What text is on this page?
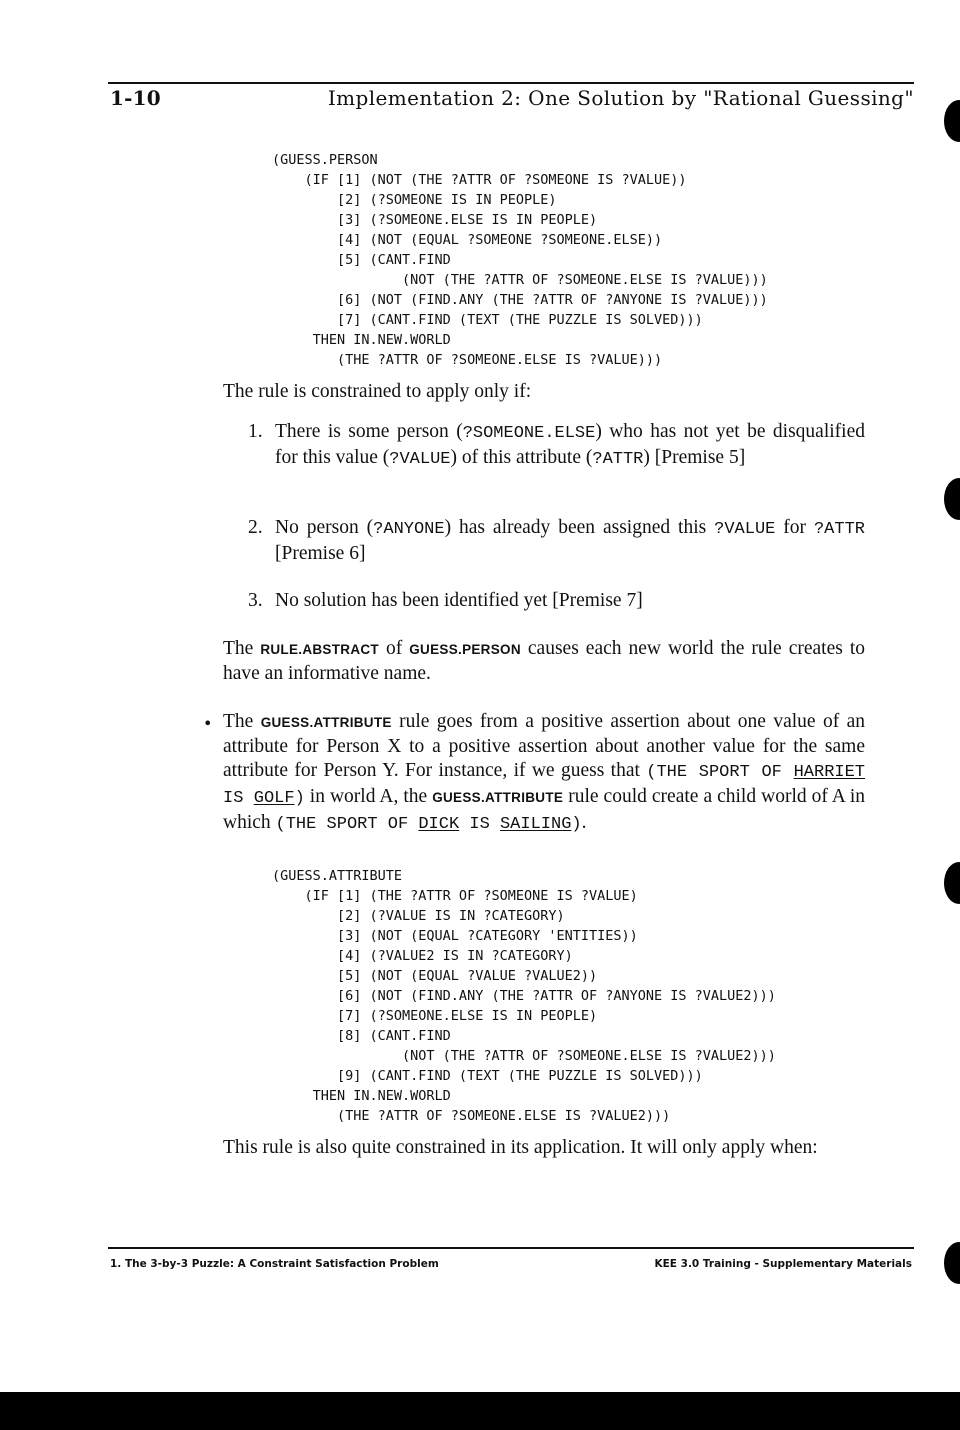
1-10	Implementation 2: One Solution by "Rational Guessing"
(GUESS.PERSON
(IF [1] (NOT (THE ?ATTR OF ?SOMEONE IS ?VALUE))
[2] (?SOMEONE IS IN PEOPLE)
[3] (?SOMEONE.ELSE IS IN PEOPLE)
[4] (NOT (EQUAL ?SOMEONE ?SOMEONE.ELSE))
[5] (CANT.FIND
(NOT (THE ?ATTR OF ?SOMEONE.ELSE IS ?VALUE)))
[6] (NOT (FIND.ANY (THE ?ATTR OF ?ANYONE IS ?VALUE)))
[7] (CANT.FIND (TEXT (THE PUZZLE IS SOLVED)))
THEN IN.NEW.WORLD
(THE ?ATTR OF ?SOMEONE.ELSE IS ?VALUE)))

The rule is constrained to apply only if:

1. There is some person (?SOMEONE.ELSE) who has not yet be disqualified for this value (?VALUE) of this attribute (?ATTR) [Premise 5]
2. No person (?ANYONE) has already been assigned this ?VALUE for ?ATTR [Premise 6]
3. No solution has been identified yet [Premise 7]

The RULE.ABSTRACT of GUESS.PERSON causes each new world the rule creates to have an informative name.

• The GUESS.ATTRIBUTE rule goes from a positive assertion about one value of an attribute for Person X to a positive assertion about another value for the same attribute for Person Y. For instance, if we guess that (THE SPORT OF HARRIET IS GOLF) in world A, the GUESS.ATTRIBUTE rule could create a child world of A in which (THE SPORT OF DICK IS SAILING).

(GUESS.ATTRIBUTE
(IF [1] (THE ?ATTR OF ?SOMEONE IS ?VALUE)
[2] (?VALUE IS IN ?CATEGORY)
[3] (NOT (EQUAL ?CATEGORY 'ENTITIES))
[4] (?VALUE2 IS IN ?CATEGORY)
[5] (NOT (EQUAL ?VALUE ?VALUE2))
[6] (NOT (FIND.ANY (THE ?ATTR OF ?ANYONE IS ?VALUE2)))
[7] (?SOMEONE.ELSE IS IN PEOPLE)
[8] (CANT.FIND
(NOT (THE ?ATTR OF ?SOMEONE.ELSE IS ?VALUE2)))
[9] (CANT.FIND (TEXT (THE PUZZLE IS SOLVED)))
THEN IN.NEW.WORLD
(THE ?ATTR OF ?SOMEONE.ELSE IS ?VALUE2)))

This rule is also quite constrained in its application. It will only apply when:

1. The 3-by-3 Puzzle: A Constraint Satisfaction Problem	KEE 3.0 Training - Supplementary Materials
